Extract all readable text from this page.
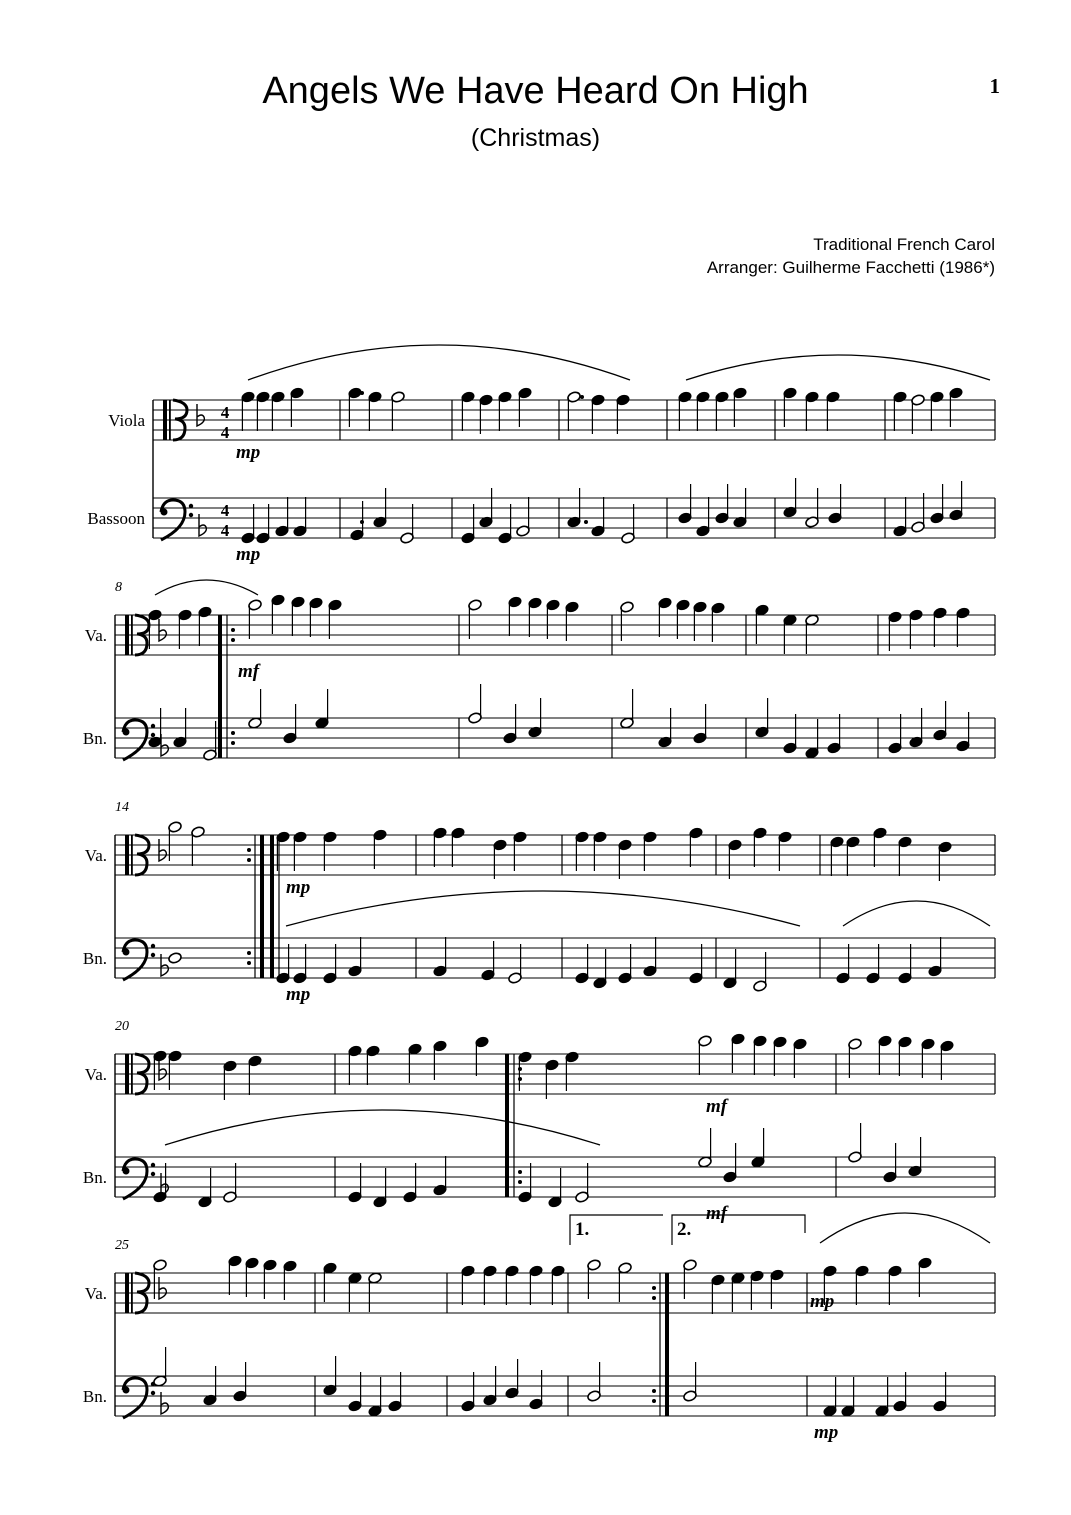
Angels We Have Heard On High
(Christmas)
1
Traditional French Carol
Arranger: Guilherme Facchetti (1986*)
4
4
4
4
Viola
Bassoon
Va.
Bn.
8
Va.
Bn.
14
Va.
Bn.
20
Va.
Bn.
25
mp
mp
mf
mp
mp
mf
mf
1.	2.
mp
mp
